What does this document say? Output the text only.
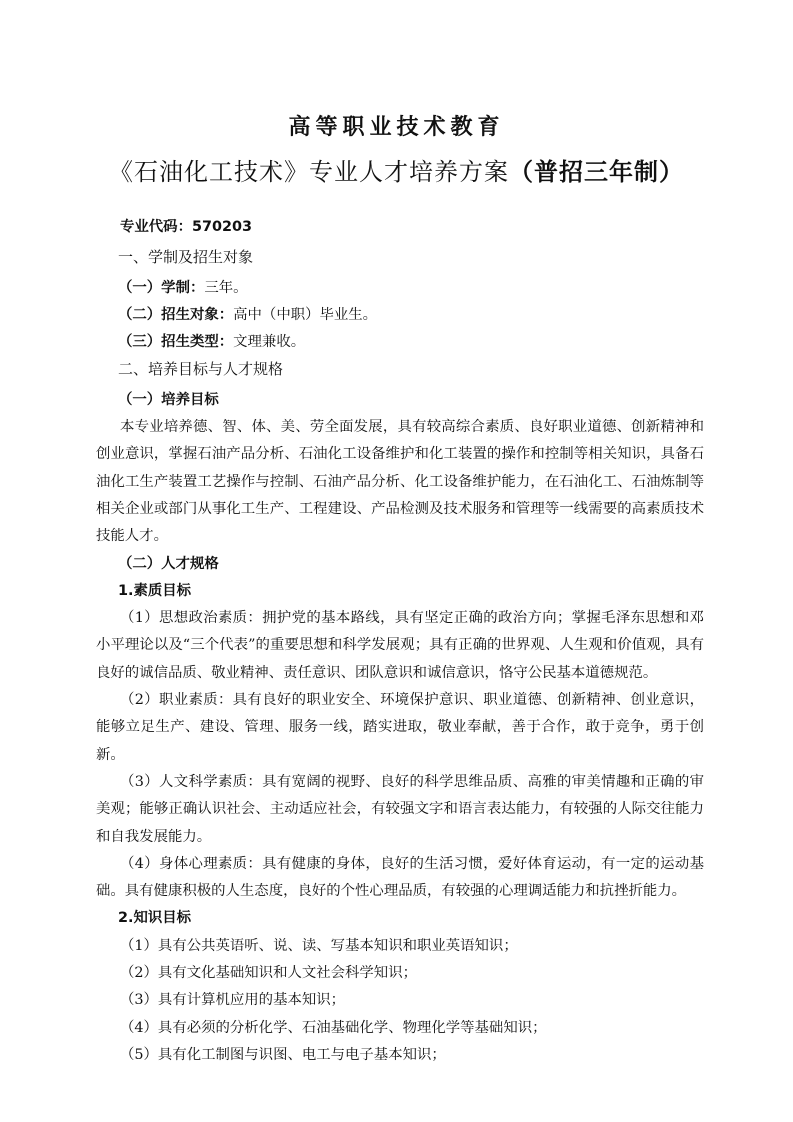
高等职业技术教育
《石油化工技术》专业人才培养方案（普招三年制）
专业代码：570203
一、学制及招生对象
（一）学制：三年。
（二）招生对象：高中（中职）毕业生。
（三）招生类型：文理兼收。
二、培养目标与人才规格
（一）培养目标

本专业培养德、智、体、美、劳全面发展，具有较高综合素质、良好职业道德、创新精神和创业意识，掌握石油产品分析、石油化工设备维护和化工装置的操作和控制等相关知识，具备石油化工生产装置工艺操作与控制、石油产品分析、化工设备维护能力，在石油化工、石油炼制等相关企业或部门从事化工生产、工程建设、产品检测及技术服务和管理等一线需要的高素质技术技能人才。

（二）人才规格
1.素质目标

（1）思想政治素质：拥护党的基本路线，具有坚定正确的政治方向；掌握毛泽东思想和邓小平理论以及“三个代表”的重要思想和科学发展观；具有正确的世界观、人生观和价值观，具有良好的诚信品质、敬业精神、责任意识、团队意识和诚信意识，恪守公民基本道德规范。

（2）职业素质：具有良好的职业安全、环境保护意识、职业道德、创新精神、创业意识，能够立足生产、建设、管理、服务一线，踏实进取，敬业奉献，善于合作，敢于竞争，勇于创新。

（3）人文科学素质：具有宽阔的视野、良好的科学思维品质、高雅的审美情趣和正确的审美观；能够正确认识社会、主动适应社会，有较强文字和语言表达能力，有较强的人际交往能力和自我发展能力。

（4）身体心理素质：具有健康的身体，良好的生活习惯，爱好体育运动，有一定的运动基础。具有健康积极的人生态度，良好的个性心理品质，有较强的心理调适能力和抗挫折能力。

2.知识目标
（1）具有公共英语听、说、读、写基本知识和职业英语知识；
（2）具有文化基础知识和人文社会科学知识；
（3）具有计算机应用的基本知识；
（4）具有必须的分析化学、石油基础化学、物理化学等基础知识；
（5）具有化工制图与识图、电工与电子基本知识；
